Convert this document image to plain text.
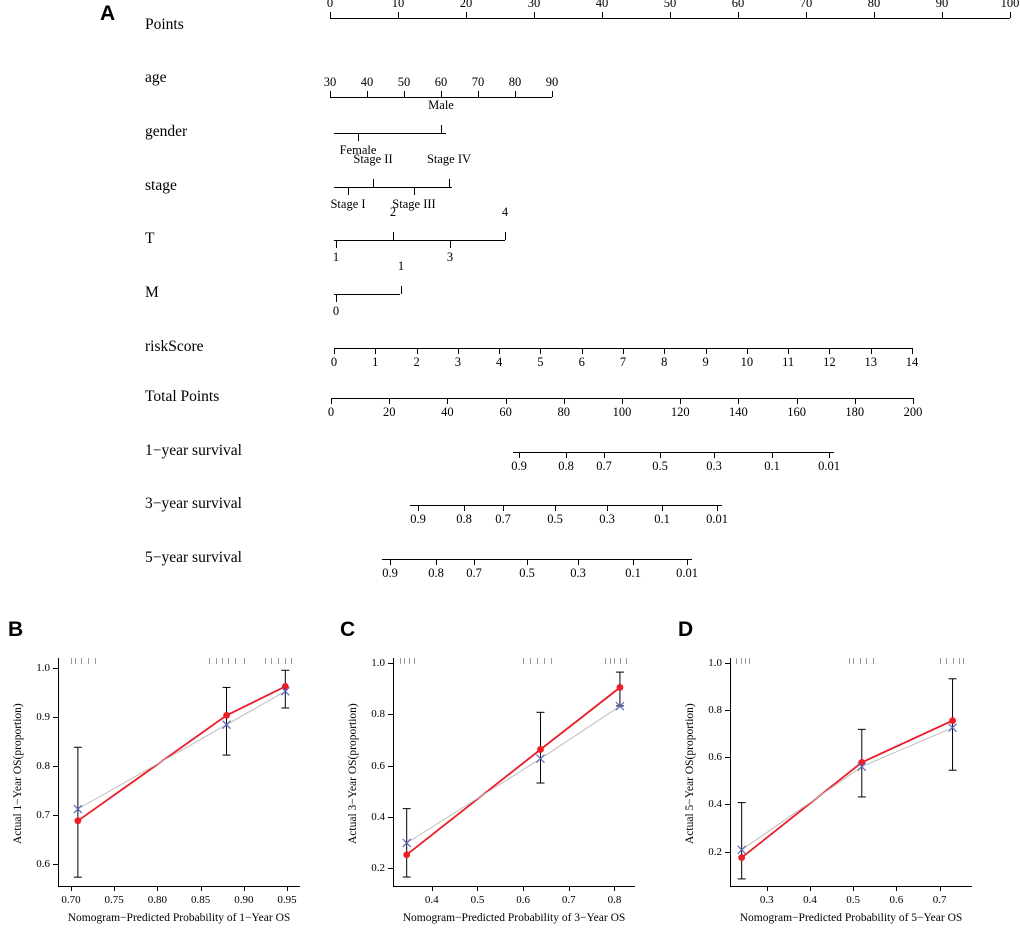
A
B	C	D
Points
0	10	20	30	40	50	60	70	80	90	100
age	30 40 50 60 70 80 90
gender
Female
Male
stage
Stage I
Stage II
Stage III
Stage IV
T
1
2
3
4
M
0
1
riskScore
0	1	2	3	4	5	6	7	8	9	10 11 12 13 14
Total Points
0	20	40	60	80	100	120	140	160	180	200
1−year survival
0.9	0.8 0.7	0.5	0.3	0.1	0.01
3−year survival
0.9 0.8 0.7	0.5	0.3	0.1	0.01
5−year survival
0.9 0.8 0.7	0.5	0.3	0.1	0.01
0.6
0.7
0.8
0.9
1.0
0.70 0.75 0.80 0.85 0.90 0.95
Actual 1−Year OS(proportion)
Nomogram−Predicted Probability of 1−Year OS
0.2
0.4
0.6
0.8
1.0
0.4	0.5	0.6	0.7	0.8
Actual 3−Year OS(proportion)
Nomogram−Predicted Probability of 3−Year OS
0.2
0.4
0.6
0.8
1.0
0.3	0.4	0.5	0.6	0.7
Actual 5−Year OS(proportion)
Nomogram−Predicted Probability of 5−Year OS
